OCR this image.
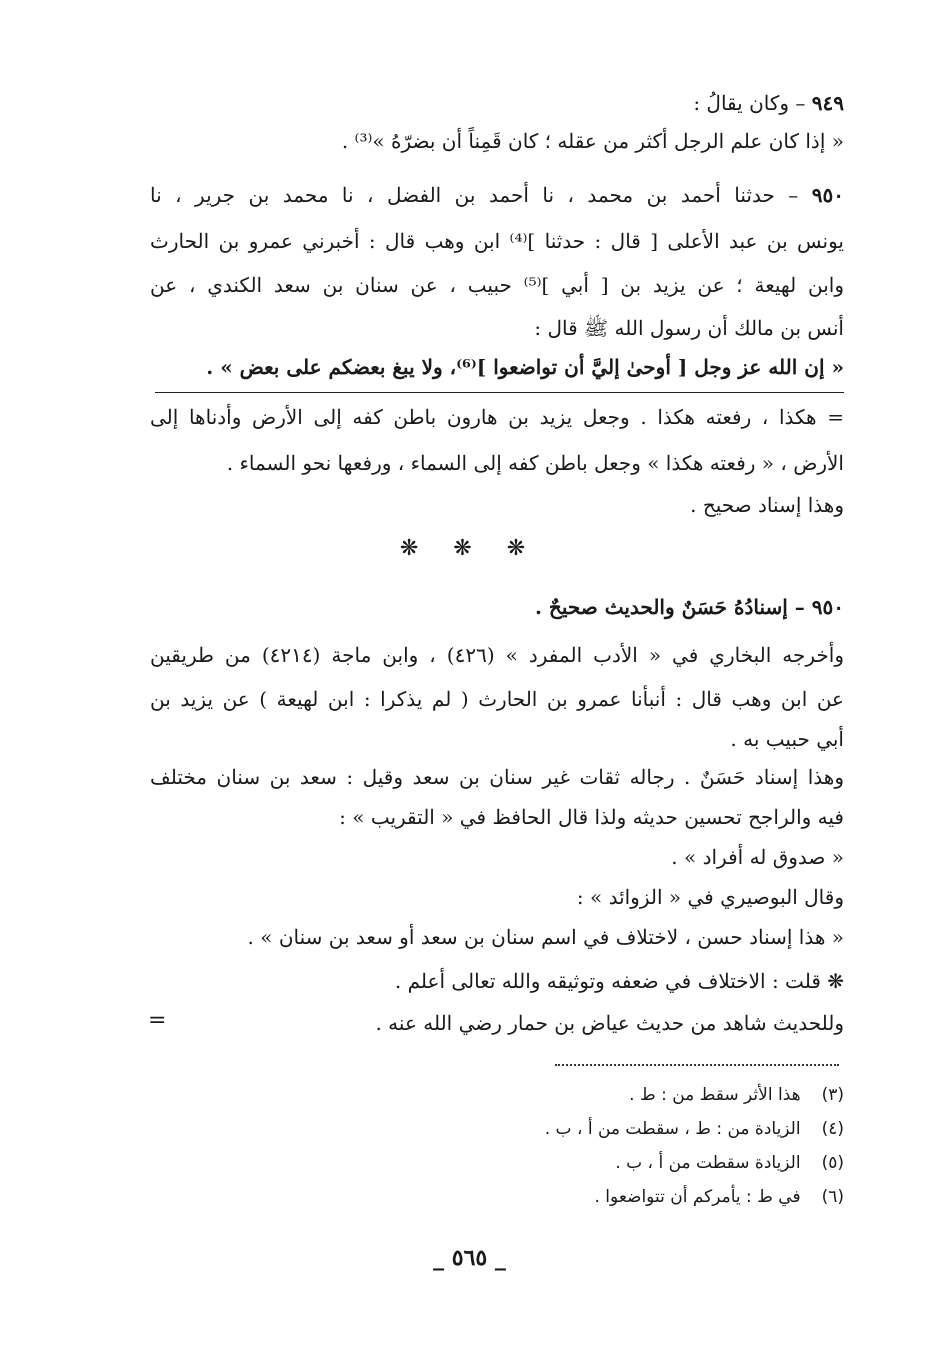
٩٤٩ – وكان يقالُ :
« إذا كان علم الرجل أكثر من عقله ؛ كان قَمِناً أن بضرّهُ »⁽³⁾ .
٩٥٠ – حدثنا أحمد بن محمد ، نا أحمد بن الفضل ، نا محمد بن جرير ، نا
يونس بن عبد الأعلى [ قال : حدثنا ]⁽⁴⁾ ابن وهب قال : أخبرني عمرو بن الحارث
وابن لهيعة ؛ عن يزيد بن [ أبي ]⁽⁵⁾ حبيب ، عن سنان بن سعد الكندي ، عن
أنس بن مالك أن رسول الله ﷺ قال :
« إن الله عز وجل [ أوحىٰ إليَّ أن تواضعوا ]⁽⁶⁾، ولا يبغ بعضكم على بعض » .
= هكذا ، رفعته هكذا . وجعل يزيد بن هارون باطن كفه إلى الأرض وأدناها إلى
الأرض ، « رفعته هكذا » وجعل باطن كفه إلى السماء ، ورفعها نحو السماء .
وهذا إسناد صحيح .
❋ ❋ ❋
٩٥٠ – إسنادُهُ حَسَنٌ والحديث صحيحٌ .
وأخرجه البخاري في « الأدب المفرد » (٤٢٦) ، وابن ماجة (٤٢١٤) من طريقين
عن ابن وهب قال : أنبأنا عمرو بن الحارث ( لم يذكرا : ابن لهيعة ) عن يزيد بن
أبي حبيب به .
وهذا إسناد حَسَنٌ . رجاله ثقات غير سنان بن سعد وقيل : سعد بن سنان مختلف
فيه والراجح تحسين حديثه ولذا قال الحافظ في « التقريب » :
« صدوق له أفراد » .
وقال البوصيري في « الزوائد » :
« هذا إسناد حسن ، لاختلاف في اسم سنان بن سعد أو سعد بن سنان » .
❋ قلت : الاختلاف في ضعفه وتوثيقه والله تعالى أعلم .
وللحديث شاهد من حديث عياض بن حمار رضي الله عنه .
=
(٣) هذا الأثر سقط من : ط .
(٤) الزيادة من : ط ، سقطت من أ ، ب .
(٥) الزيادة سقطت من أ ، ب .
(٦) في ط : يأمركم أن تتواضعوا .
_ ٥٦٥ _
